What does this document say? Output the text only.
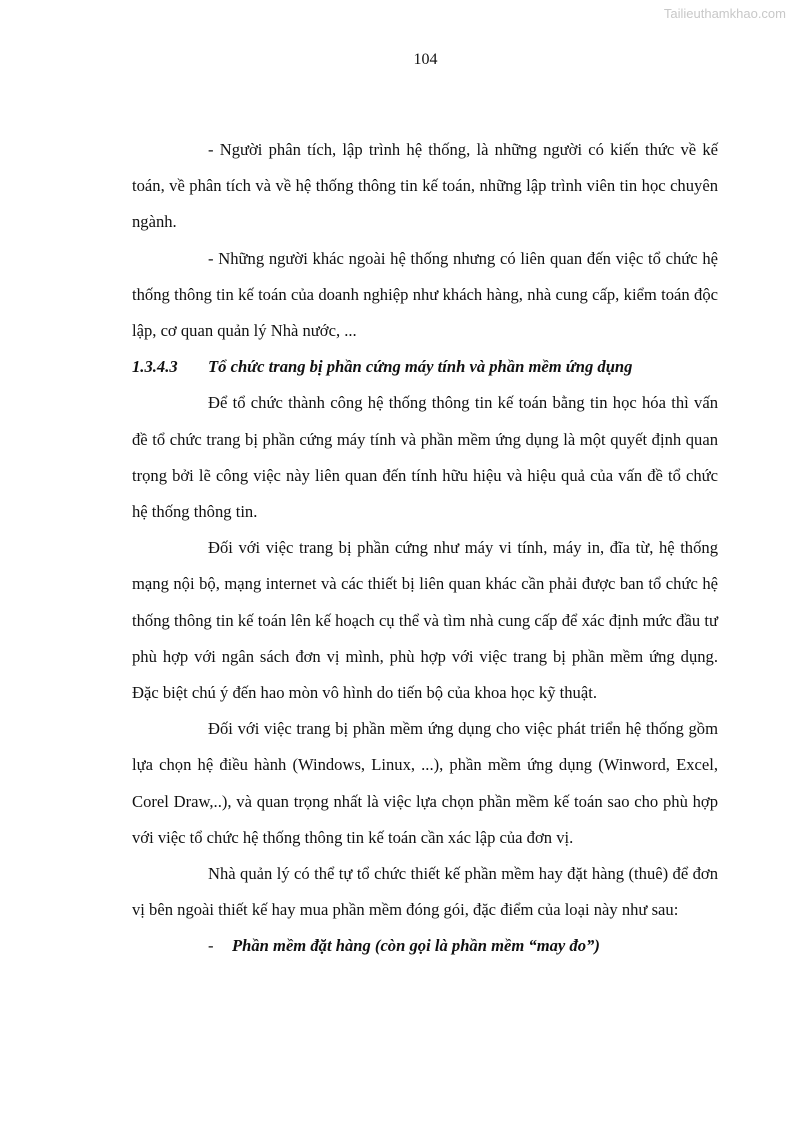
Tailieuthamkhao.com
104

- Người phân tích, lập trình hệ thống, là những người có kiến thức về kế toán, về phân tích và về hệ thống thông tin kế toán, những lập trình viên tin học chuyên ngành.

- Những người khác ngoài hệ thống nhưng có liên quan đến việc tổ chức hệ thống thông tin kế toán của doanh nghiệp như khách hàng, nhà cung cấp, kiểm toán độc lập, cơ quan quản lý Nhà nước, ...

1.3.4.3	Tổ chức trang bị phần cứng máy tính và phần mềm ứng dụng

Để tổ chức thành công hệ thống thông tin kế toán bằng tin học hóa thì vấn đề tổ chức trang bị phần cứng máy tính và phần mềm ứng dụng là một quyết định quan trọng bởi lẽ công việc này liên quan đến tính hữu hiệu và hiệu quả của vấn đề tổ chức hệ thống thông tin.

Đối với việc trang bị phần cứng như máy vi tính, máy in, đĩa từ, hệ thống mạng nội bộ, mạng internet và các thiết bị liên quan khác cần phải được ban tổ chức hệ thống thông tin kế toán lên kế hoạch cụ thể và tìm nhà cung cấp để xác định mức đầu tư phù hợp với ngân sách đơn vị mình, phù hợp với việc trang bị phần mềm ứng dụng. Đặc biệt chú ý đến hao mòn vô hình do tiến bộ của khoa học kỹ thuật.

Đối với việc trang bị phần mềm ứng dụng cho việc phát triển hệ thống gồm lựa chọn hệ điều hành (Windows, Linux, ...), phần mềm ứng dụng (Winword, Excel, Corel Draw,..), và quan trọng nhất là việc lựa chọn phần mềm kế toán sao cho phù hợp với việc tổ chức hệ thống thông tin kế toán cần xác lập của đơn vị.

Nhà quản lý có thể tự tổ chức thiết kế phần mềm hay đặt hàng (thuê) để đơn vị bên ngoài thiết kế hay mua phần mềm đóng gói, đặc điểm của loại này như sau:

-	Phần mềm đặt hàng (còn gọi là phần mềm “may đo”)
